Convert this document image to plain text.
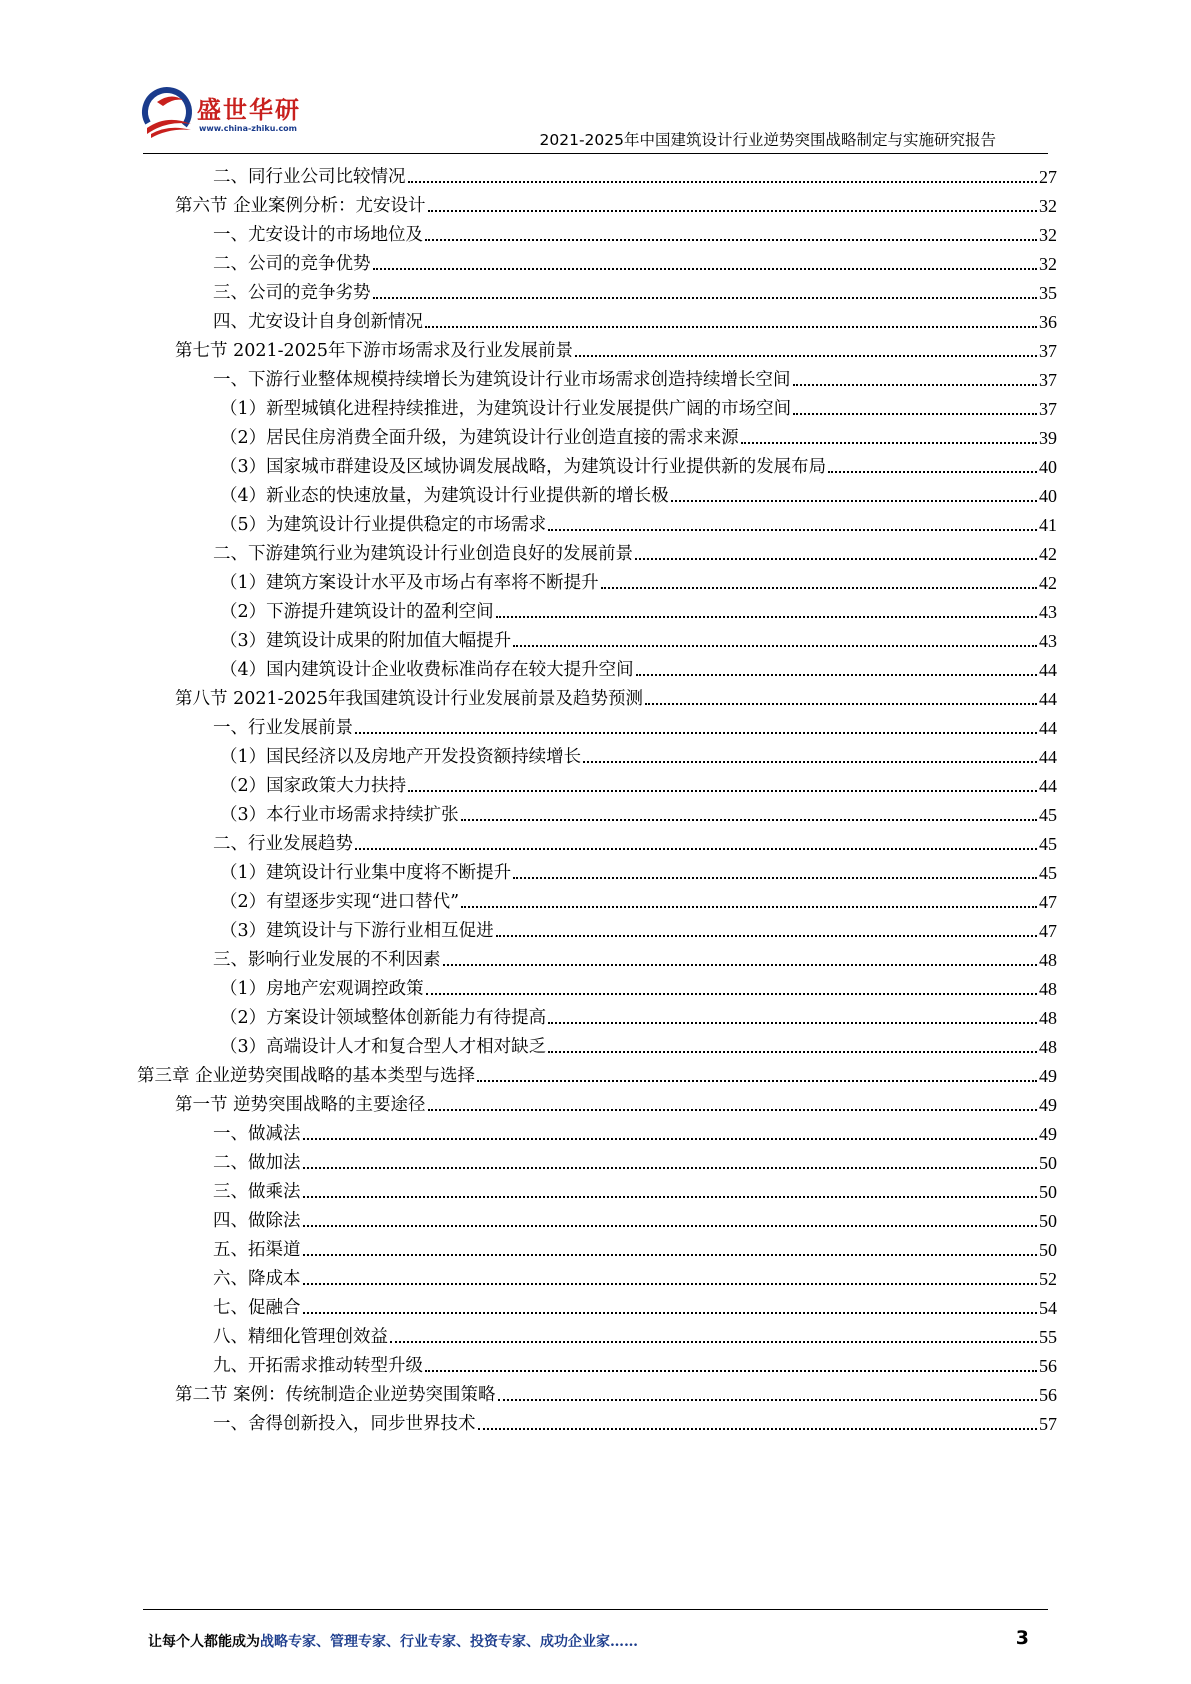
盛世华研
www.china-zhiku.com
2021-2025年中国建筑设计行业逆势突围战略制定与实施研究报告
二、同行业公司比较情况	27
第六节 企业案例分析：尤安设计	32
一、尤安设计的市场地位及	32
二、公司的竞争优势	32
三、公司的竞争劣势	35
四、尤安设计自身创新情况	36
第七节 2021-2025年下游市场需求及行业发展前景	37
一、下游行业整体规模持续增长为建筑设计行业市场需求创造持续增长空间	37
（1）新型城镇化进程持续推进，为建筑设计行业发展提供广阔的市场空间	37
（2）居民住房消费全面升级，为建筑设计行业创造直接的需求来源	39
（3）国家城市群建设及区域协调发展战略，为建筑设计行业提供新的发展布局	40
（4）新业态的快速放量，为建筑设计行业提供新的增长极	40
（5）为建筑设计行业提供稳定的市场需求	41
二、下游建筑行业为建筑设计行业创造良好的发展前景	42
（1）建筑方案设计水平及市场占有率将不断提升	42
（2）下游提升建筑设计的盈利空间	43
（3）建筑设计成果的附加值大幅提升	43
（4）国内建筑设计企业收费标准尚存在较大提升空间	44
第八节 2021-2025年我国建筑设计行业发展前景及趋势预测	44
一、行业发展前景	44
（1）国民经济以及房地产开发投资额持续增长	44
（2）国家政策大力扶持	44
（3）本行业市场需求持续扩张	45
二、行业发展趋势	45
（1）建筑设计行业集中度将不断提升	45
（2）有望逐步实现“进口替代”	47
（3）建筑设计与下游行业相互促进	47
三、影响行业发展的不利因素	48
（1）房地产宏观调控政策	48
（2）方案设计领域整体创新能力有待提高	48
（3）高端设计人才和复合型人才相对缺乏	48
第三章 企业逆势突围战略的基本类型与选择	49
第一节 逆势突围战略的主要途径	49
一、做减法	49
二、做加法	50
三、做乘法	50
四、做除法	50
五、拓渠道	50
六、降成本	52
七、促融合	54
八、精细化管理创效益	55
九、开拓需求推动转型升级	56
第二节 案例：传统制造企业逆势突围策略	56
一、舍得创新投入，同步世界技术	57
让每个人都能成为战略专家、管理专家、行业专家、投资专家、成功企业家……	3
